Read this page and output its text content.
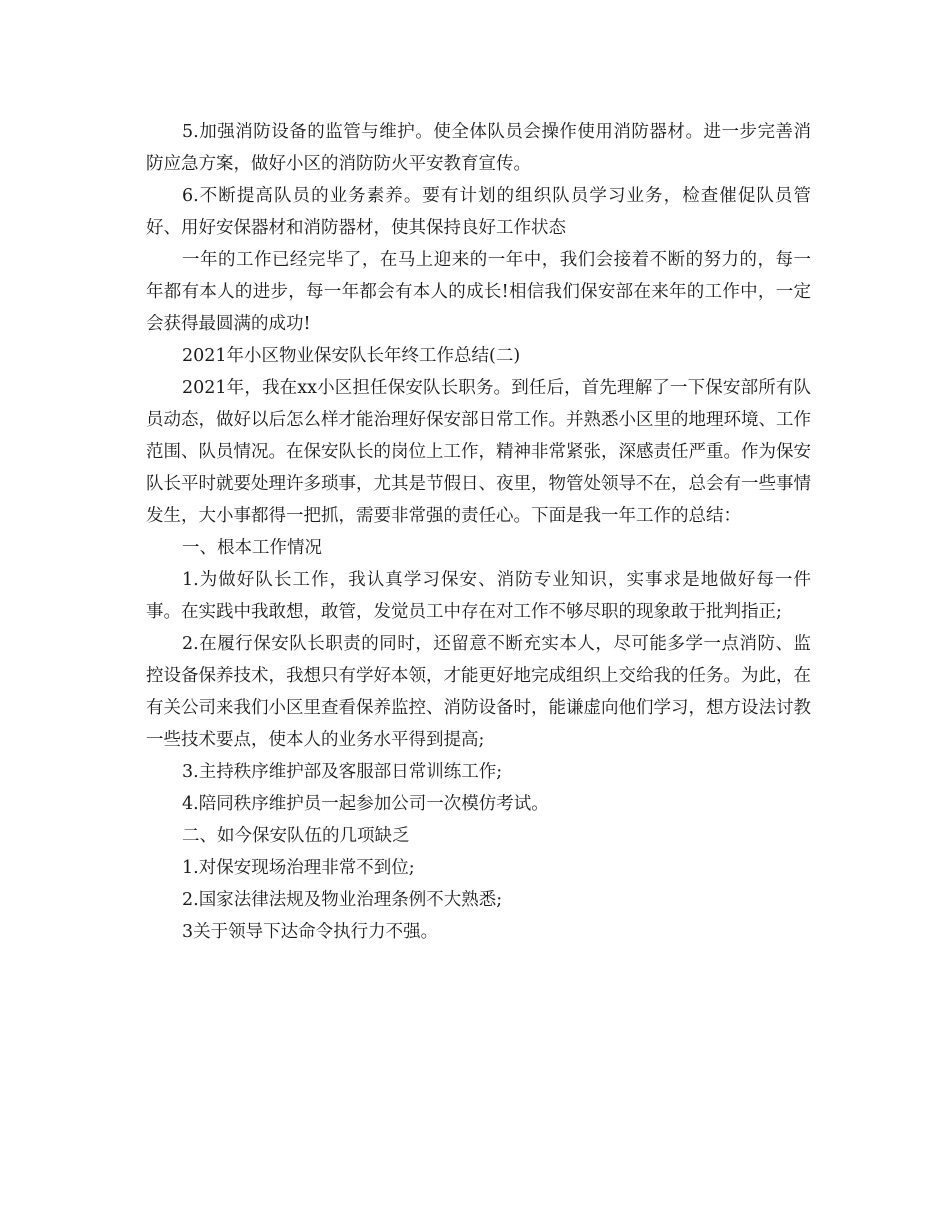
5.加强消防设备的监管与维护。使全体队员会操作使用消防器材。进一步完善消防应急方案，做好小区的消防防火平安教育宣传。

6.不断提高队员的业务素养。要有计划的组织队员学习业务，检查催促队员管好、用好安保器材和消防器材，使其保持良好工作状态

一年的工作已经完毕了，在马上迎来的一年中，我们会接着不断的努力的，每一年都有本人的进步，每一年都会有本人的成长!相信我们保安部在来年的工作中，一定会获得最圆满的成功!

2021年小区物业保安队长年终工作总结(二)

2021年，我在xx小区担任保安队长职务。到任后，首先理解了一下保安部所有队员动态，做好以后怎么样才能治理好保安部日常工作。并熟悉小区里的地理环境、工作范围、队员情况。在保安队长的岗位上工作，精神非常紧张，深感责任严重。作为保安队长平时就要处理许多琐事，尤其是节假日、夜里，物管处领导不在，总会有一些事情发生，大小事都得一把抓，需要非常强的责任心。下面是我一年工作的总结：

一、根本工作情况

1.为做好队长工作，我认真学习保安、消防专业知识，实事求是地做好每一件事。在实践中我敢想，敢管，发觉员工中存在对工作不够尽职的现象敢于批判指正;

2.在履行保安队长职责的同时，还留意不断充实本人，尽可能多学一点消防、监控设备保养技术，我想只有学好本领，才能更好地完成组织上交给我的任务。为此，在有关公司来我们小区里查看保养监控、消防设备时，能谦虚向他们学习，想方设法讨教一些技术要点，使本人的业务水平得到提高;

3.主持秩序维护部及客服部日常训练工作;

4.陪同秩序维护员一起参加公司一次模仿考试。

二、如今保安队伍的几项缺乏

1.对保安现场治理非常不到位;

2.国家法律法规及物业治理条例不大熟悉;

3关于领导下达命令执行力不强。
